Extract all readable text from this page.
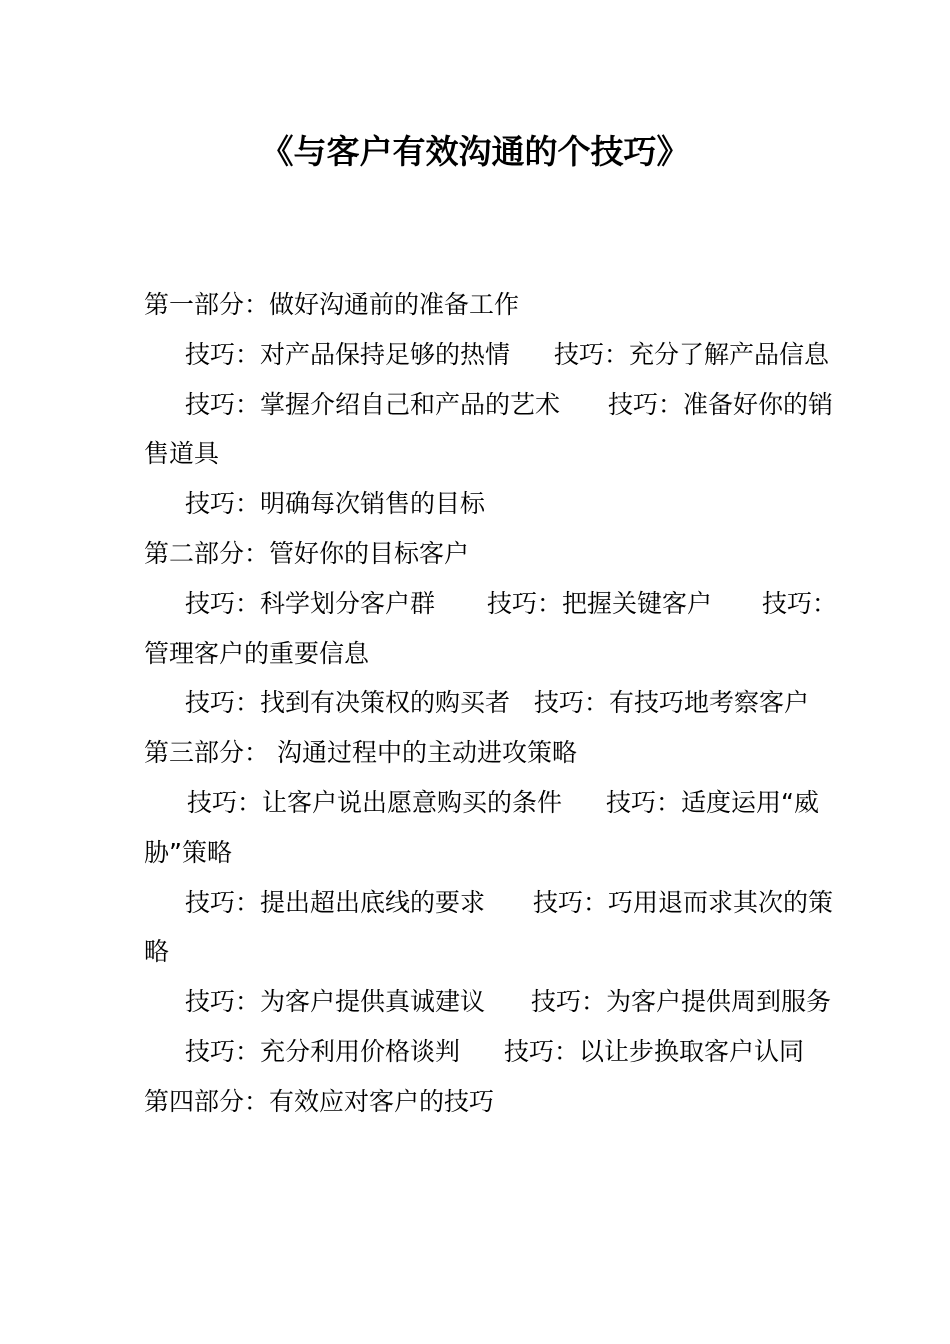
《与客户有效沟通的个技巧》
第一部分：做好沟通前的准备工作
技巧：对产品保持足够的热情 技巧：充分了解产品信息
技巧：掌握介绍自己和产品的艺术 技巧：准备好你的销售道具
技巧：明确每次销售的目标
第二部分：管好你的目标客户
技巧：科学划分客户群 技巧：把握关键客户 技巧：管理客户的重要信息
技巧：找到有决策权的购买者 技巧：有技巧地考察客户
第三部分： 沟通过程中的主动进攻策略
技巧：让客户说出愿意购买的条件 技巧：适度运用“威胁”策略
技巧：提出超出底线的要求 技巧：巧用退而求其次的策略
技巧：为客户提供真诚建议 技巧：为客户提供周到服务
技巧：充分利用价格谈判 技巧：以让步换取客户认同
第四部分：有效应对客户的技巧
